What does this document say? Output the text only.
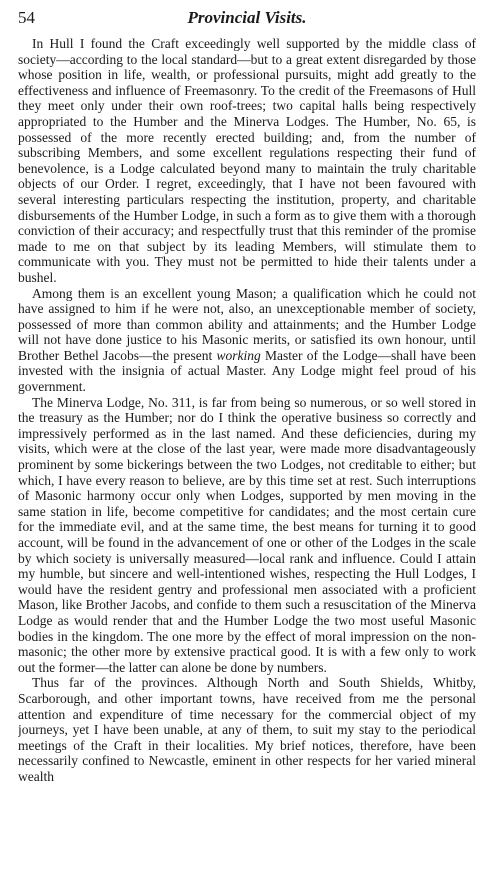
54	Provincial Visits.

In Hull I found the Craft exceedingly well supported by the middle class of society—according to the local standard—but to a great extent disregarded by those whose position in life, wealth, or professional pursuits, might add greatly to the effectiveness and influence of Freemasonry. To the credit of the Freemasons of Hull they meet only under their own roof-trees; two capital halls being respectively appropriated to the Humber and the Minerva Lodges. The Humber, No. 65, is possessed of the more recently erected building; and, from the number of subscribing Members, and some excellent regulations respecting their fund of benevolence, is a Lodge calculated beyond many to maintain the truly charitable objects of our Order. I regret, exceedingly, that I have not been favoured with several interesting particulars respecting the institution, property, and charitable disbursements of the Humber Lodge, in such a form as to give them with a thorough conviction of their accuracy; and respectfully trust that this reminder of the promise made to me on that subject by its leading Members, will stimulate them to communicate with you. They must not be permitted to hide their talents under a bushel.

Among them is an excellent young Mason; a qualification which he could not have assigned to him if he were not, also, an unexceptionable member of society, possessed of more than common ability and attainments; and the Humber Lodge will not have done justice to his Masonic merits, or satisfied its own honour, until Brother Bethel Jacobs—the present working Master of the Lodge—shall have been invested with the insignia of actual Master. Any Lodge might feel proud of his government.

The Minerva Lodge, No. 311, is far from being so numerous, or so well stored in the treasury as the Humber; nor do I think the operative business so correctly and impressively performed as in the last named. And these deficiencies, during my visits, which were at the close of the last year, were made more disadvantageously prominent by some bickerings between the two Lodges, not creditable to either; but which, I have every reason to believe, are by this time set at rest. Such interruptions of Masonic harmony occur only when Lodges, supported by men moving in the same station in life, become competitive for candidates; and the most certain cure for the immediate evil, and at the same time, the best means for turning it to good account, will be found in the advancement of one or other of the Lodges in the scale by which society is universally measured—local rank and influence. Could I attain my humble, but sincere and well-intentioned wishes, respecting the Hull Lodges, I would have the resident gentry and professional men associated with a proficient Mason, like Brother Jacobs, and confide to them such a resuscitation of the Minerva Lodge as would render that and the Humber Lodge the two most useful Masonic bodies in the kingdom. The one more by the effect of moral impression on the non-masonic; the other more by extensive practical good. It is with a few only to work out the former—the latter can alone be done by numbers.

Thus far of the provinces. Although North and South Shields, Whitby, Scarborough, and other important towns, have received from me the personal attention and expenditure of time necessary for the commercial object of my journeys, yet I have been unable, at any of them, to suit my stay to the periodical meetings of the Craft in their localities. My brief notices, therefore, have been necessarily confined to Newcastle, eminent in other respects for her varied mineral wealth
